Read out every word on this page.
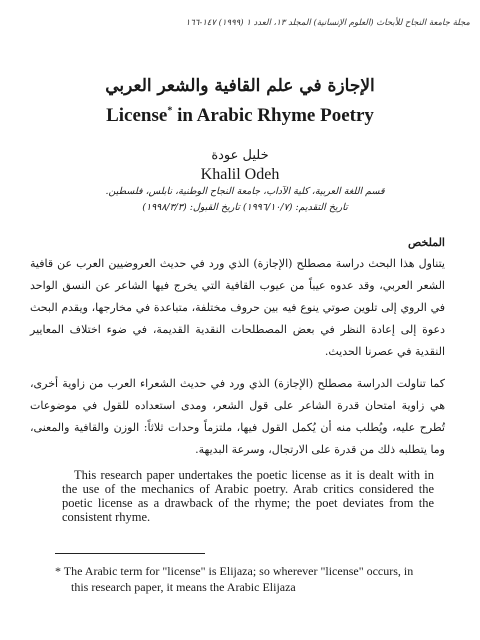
مجلة جامعة النجاح للأبحاث (العلوم الإنسانية) المجلد ١٣، العدد ١ (١٩٩٩) ١٤٧-١٦٦
الإجازة في علم القافية والشعر العربي
License* in Arabic Rhyme Poetry
خليل عودة
Khalil Odeh
قسم اللغة العربية، كلية الآداب، جامعة النجاح الوطنية، نابلس، فلسطين.
تاريخ التقديم: (١٩٩٦/١٠/٧) تاريخ القبول: (١٩٩٨/٣/٣)
الملخص
يتناول هذا البحث دراسة مصطلح (الإجازة) الذي ورد في حديث العروضيين العرب عن قافية الشعر العربي، وقد عدوه عيباً من عيوب القافية التي يخرج فيها الشاعر عن النسق الواحد في الروي إلى تلوين صوتي ينوع فيه بين حروف مختلفة، متباعدة في مخارجها، ويقدم البحث دعوة إلى إعادة النظر في بعض المصطلحات النقدية القديمة، في ضوء اختلاف المعايير النقدية في عصرنا الحديث.
كما تناولت الدراسة مصطلح (الإجازة) الذي ورد في حديث الشعراء العرب من زاوية أخرى، هي زاوية امتحان قدرة الشاعر على قول الشعر، ومدى استعداده للقول في موضوعات تُطرح عليه، ويُطلب منه أن يُكمل القول فيها، ملتزماً وحدات ثلاثاً: الوزن والقافية والمعنى، وما يتطلبه ذلك من قدرة على الارتجال، وسرعة البديهة.
This research paper undertakes the poetic license as it is dealt with in the use of the mechanics of Arabic poetry. Arab critics considered the poetic license as a drawback of the rhyme; the poet deviates from the consistent rhyme.
* The Arabic term for "license" is Elijaza; so wherever "license" occurs, in
this research paper, it means the Arabic Elijaza
